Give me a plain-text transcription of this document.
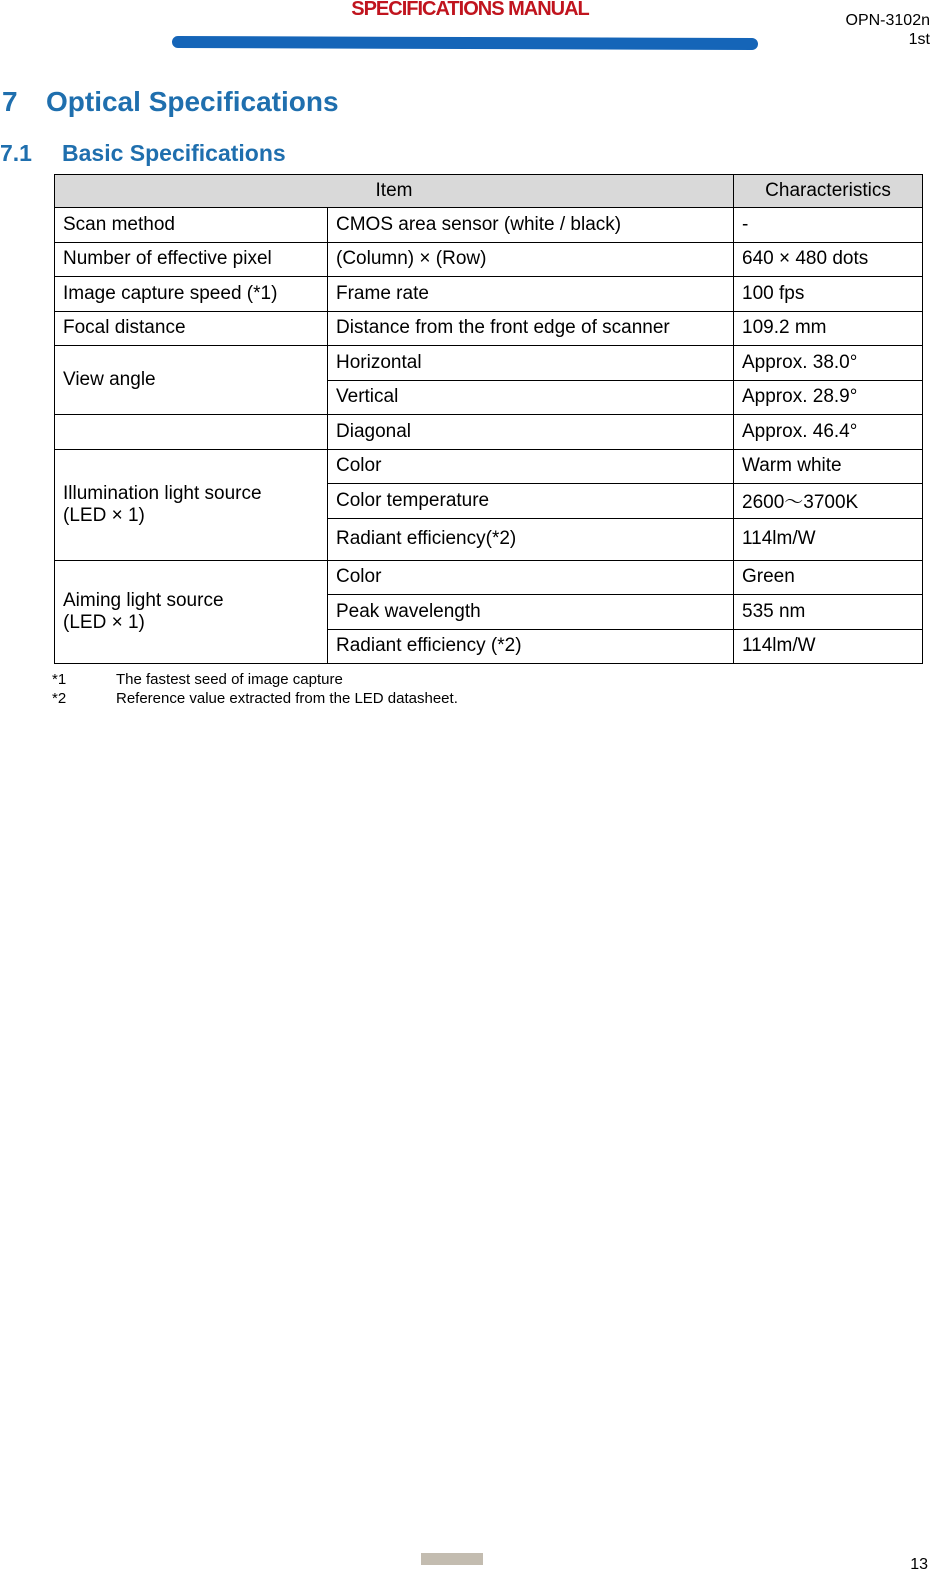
SPECIFICATIONS MANUAL
OPN-3102n
1st
7 Optical Specifications
7.1 Basic Specifications
Item		Characteristics
Scan method	CMOS area sensor (white / black)	-
Number of effective pixel	(Column) × (Row)	640 × 480 dots
Image capture speed (*1)	Frame rate	100 fps
Focal distance	Distance from the front edge of scanner	109.2 mm
View angle	Horizontal	Approx. 38.0°
	Vertical	Approx. 28.9°
	Diagonal	Approx. 46.4°

Illumination light source
(LED × 1)	Color	Warm white
	Color temperature	2600～3700K
	Radiant efficiency(*2)	114lm/W

Aiming light source
(LED × 1)	Color	Green
	Peak wavelength	535 nm
	Radiant efficiency (*2)	114lm/W
*1	The fastest seed of image capture
*2	Reference value extracted from the LED datasheet.
13
